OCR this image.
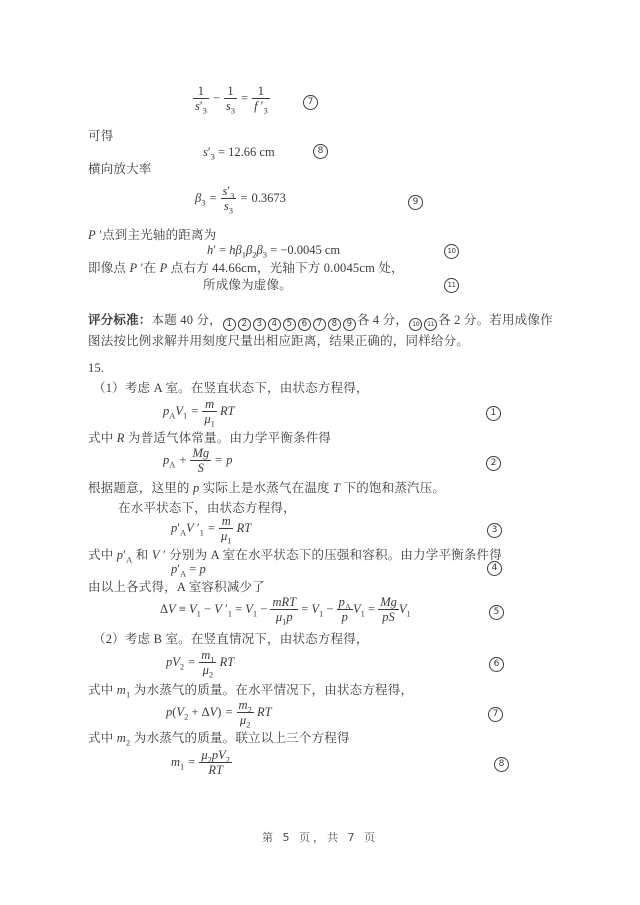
$\frac{1}{s'_3} - \frac{1}{s_3} = \frac{1}{f '_3}$	7
可得
$s'_3 = 12.66$ cm	8
横向放大率
$\beta_3 = \frac{s'_3}{s_3} = 0.3673$	9
P ′点到主光轴的距离为
$h' = h\beta_1\beta_2\beta_3 = -0.0045$ cm	10
即像点 P ′在 P 点右方 44.66cm，光轴下方 0.0045cm 处，
所成像为虚像。	11
评分标准：本题 40 分， 1 2 3 4 5 6 7 8 9 各 4 分， 10 11 各 2 分。若用成像作图法按比例求解并用刻度尺量出相应距离，结果正确的，同样给分。
15.
（1）考虑 A 室。在竖直状态下，由状态方程得，
$p_AV_1 = \frac{m}{\mu_1}$ RT	1
式中 R 为普适气体常量。由力学平衡条件得
$p_A + \frac{Mg}{S} = p$	2
根据题意，这里的 p 实际上是水蒸气在温度 T 下的饱和蒸汽压。
在水平状态下，由状态方程得，
$p'_AV$ $'_1 = \frac{m}{\mu_1}$ RT	3
式中 $p'_A$ 和 V ′ 分别为 A 室在水平状态下的压强和容积。由力学平衡条件得
$p'_A = p$	4
由以上各式得，A 室容积减少了
$\Delta V \equiv V_1 - V$ $'_1 = V_1 - \frac{\text{mRT}}{\mu_1p} = V_1 - \frac{p_A}{p} V_1 = \frac{Mg}{pS} V_1$	5
（2）考虑 B 室。在竖直情况下，由状态方程得，
$pV_2 = \frac{m_1}{\mu_2}$ RT	6
式中 $m_1$ 为水蒸气的质量。在水平情况下，由状态方程得，
$p(V_2 + \Delta V) = \frac{m_2}{\mu_2}$ RT	7
式中 $m_2$ 为水蒸气的质量。联立以上三个方程得
$m_1 = \frac{\mu_2pV_2}{RT}$	8
第 5 页，共 7 页
